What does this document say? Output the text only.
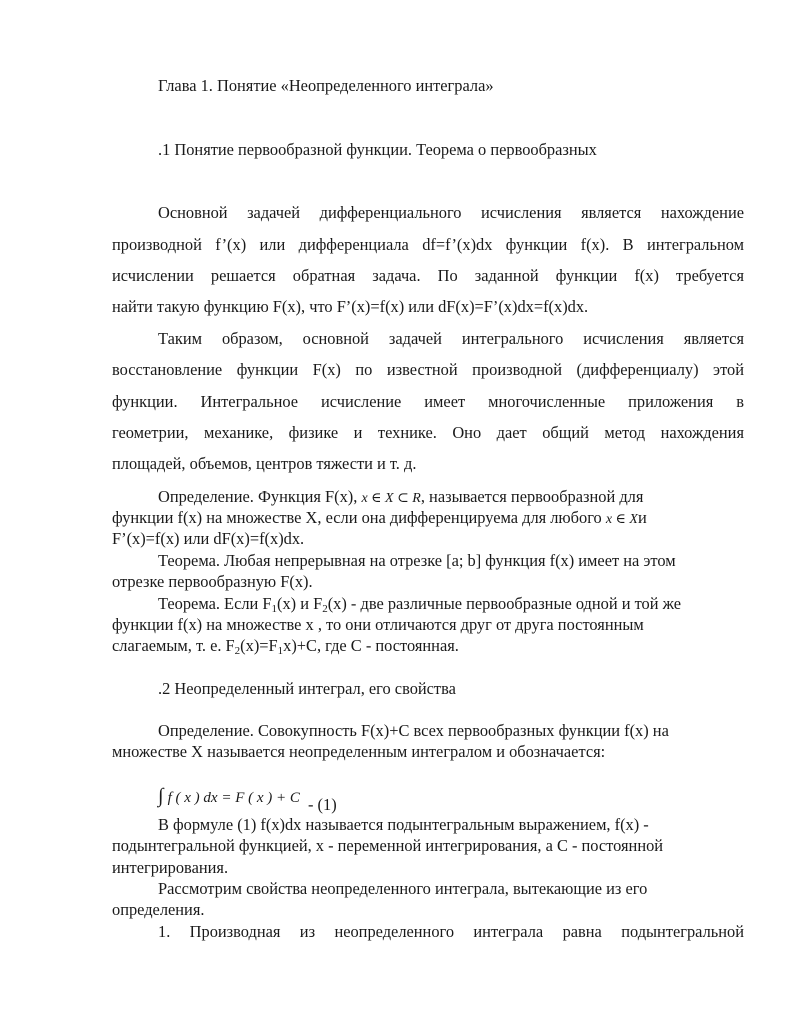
Глава 1. Понятие «Неопределенного интеграла»
.1 Понятие первообразной функции. Теорема о первообразных
Основной задачей дифференциального исчисления является нахождение
производной f’(x) или дифференциала df=f’(x)dx функции f(x). В интегральном
исчислении решается обратная задача. По заданной функции f(x) требуется
найти такую функцию F(x), что F’(x)=f(x) или dF(x)=F’(x)dx=f(x)dx.
Таким образом, основной задачей интегрального исчисления является
восстановление функции F(x) по известной производной (дифференциалу) этой
функции. Интегральное исчисление имеет многочисленные приложения в
геометрии, механике, физике и технике. Оно дает общий метод нахождения
площадей, объемов, центров тяжести и т. д.
Определение. Функция F(x), x ∈ X ⊂ R, называется первообразной для
функции f(x) на множестве X, если она дифференцируема для любого x ∈ Xи
F’(x)=f(x) или dF(x)=f(x)dx.
Теорема. Любая непрерывная на отрезке [a; b] функция f(x) имеет на этом
отрезке первообразную F(x).
Теорема. Если $F_1(x)$ и $F_2(x)$ - две различные первообразные одной и той же
функции f(x) на множестве x , то они отличаются друг от друга постоянным
слагаемым, т. е. $F_2(x)=F_1x)+C$, где C - постоянная.
.2 Неопределенный интеграл, его свойства
Определение. Совокупность F(x)+C всех первообразных функции f(x) на
множестве X называется неопределенным интегралом и обозначается:
∫ f ( x ) dx = F ( x ) + C - (1)
В формуле (1) f(x)dx называется подынтегральным выражением, f(x) -
подынтегральной функцией, x - переменной интегрирования, а C - постоянной
интегрирования.
Рассмотрим свойства неопределенного интеграла, вытекающие из его
определения.
1. Производная из неопределенного интеграла равна подынтегральной
